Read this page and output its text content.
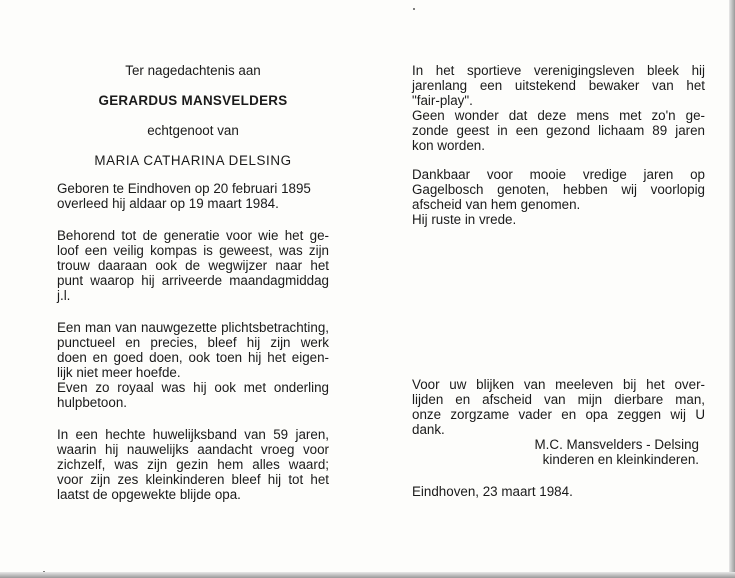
Ter nagedachtenis aan
GERARDUS MANSVELDERS
echtgenoot van
MARIA CATHARINA DELSING
Geboren te Eindhoven op 20 februari 1895
overleed hij aldaar op 19 maart 1984.
Behorend tot de generatie voor wie het ge-
loof een veilig kompas is geweest, was zijn
trouw daaraan ook de wegwijzer naar het
punt waarop hij arriveerde maandagmiddag
j.l.
Een man van nauwgezette plichtsbetrachting,
punctueel en precies, bleef hij zijn werk
doen en goed doen, ook toen hij het eigen-
lijk niet meer hoefde.
Even zo royaal was hij ook met onderling
hulpbetoon.
In een hechte huwelijksband van 59 jaren,
waarin hij nauwelijks aandacht vroeg voor
zichzelf, was zijn gezin hem alles waard;
voor zijn zes kleinkinderen bleef hij tot het
laatst de opgewekte blijde opa.
In het sportieve verenigingsleven bleek hij
jarenlang een uitstekend bewaker van het
"fair-play".
Geen wonder dat deze mens met zo'n ge-
zonde geest in een gezond lichaam 89 jaren
kon worden.
Dankbaar voor mooie vredige jaren op
Gagelbosch genoten, hebben wij voorlopig
afscheid van hem genomen.
Hij ruste in vrede.
Voor uw blijken van meeleven bij het over-
lijden en afscheid van mijn dierbare man,
onze zorgzame vader en opa zeggen wij U
dank.
M.C. Mansvelders - Delsing
kinderen en kleinkinderen.
Eindhoven, 23 maart 1984.
